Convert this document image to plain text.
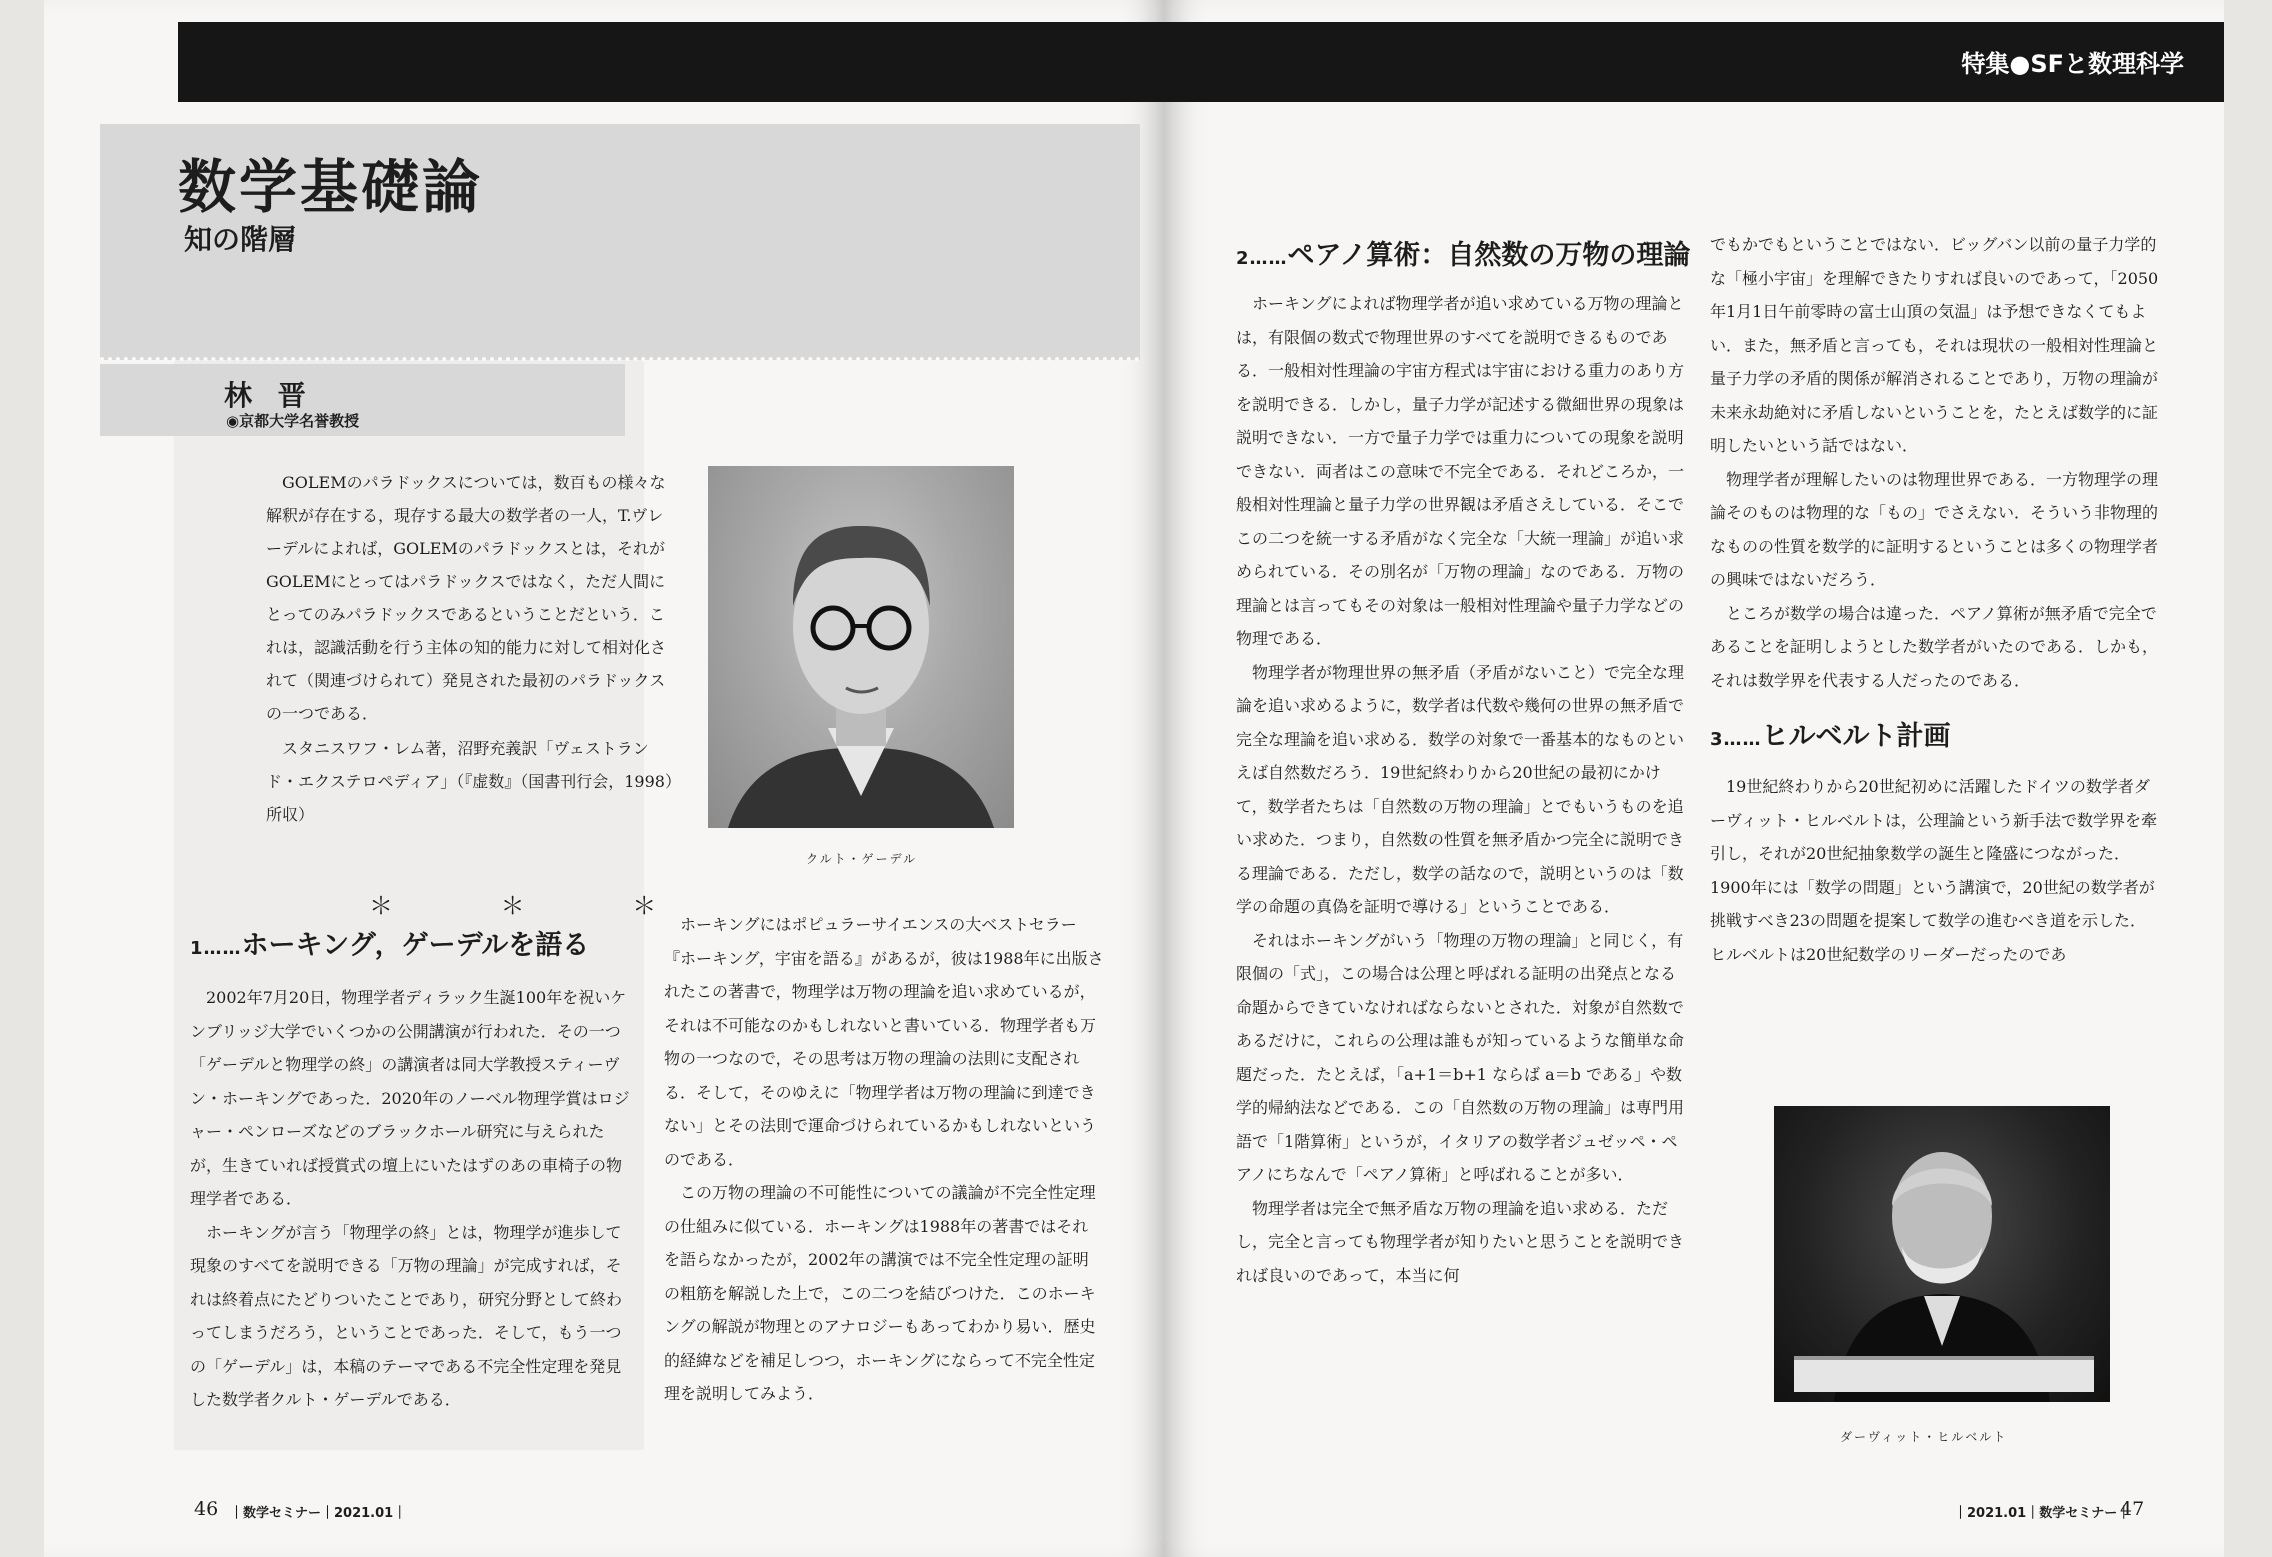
数学基礎論
知の階層
林 晋
◉京都大学名誉教授

GOLEMのパラドックスについては，数百もの様々な解釈が存在する，現存する最大の数学者の一人，T.ヴレーデルによれば，GOLEMのパラドックスとは，それがGOLEMにとってはパラドックスではなく，ただ人間にとってのみパラドックスであるということだという．これは，認識活動を行う主体の知的能力に対して相対化されて（関連づけられて）発見された最初のパラドックスの一つである．

スタニスワフ・レム著，沼野充義訳「ヴェストランド・エクステロペディア」（『虚数』（国書刊行会，1998）所収）

＊ ＊ ＊
クルト・ゲーデル
1……ホーキング，ゲーデルを語る

2002年7月20日，物理学者ディラック生誕100年を祝いケンブリッジ大学でいくつかの公開講演が行われた．その一つ「ゲーデルと物理学の終」の講演者は同大学教授スティーヴン・ホーキングであった．2020年のノーベル物理学賞はロジャー・ペンローズなどのブラックホール研究に与えられたが，生きていれば授賞式の壇上にいたはずのあの車椅子の物理学者である．

ホーキングが言う「物理学の終」とは，物理学が進歩して現象のすべてを説明できる「万物の理論」が完成すれば，それは終着点にたどりついたことであり，研究分野として終わってしまうだろう，ということであった．そして，もう一つの「ゲーデル」は，本稿のテーマである不完全性定理を発見した数学者クルト・ゲーデルである．

ホーキングにはポピュラーサイエンスの大ベストセラー『ホーキング，宇宙を語る』があるが，彼は1988年に出版されたこの著書で，物理学は万物の理論を追い求めているが，それは不可能なのかもしれないと書いている．物理学者も万物の一つなので，その思考は万物の理論の法則に支配される．そして，そのゆえに「物理学者は万物の理論に到達できない」とその法則で運命づけられているかもしれないというのである．

この万物の理論の不可能性についての議論が不完全性定理の仕組みに似ている．ホーキングは1988年の著書ではそれを語らなかったが，2002年の講演では不完全性定理の証明の粗筋を解説した上で，この二つを結びつけた．このホーキングの解説が物理とのアナロジーもあってわかり易い．歴史的経緯などを補足しつつ，ホーキングにならって不完全性定理を説明してみよう．

46 ｜数学セミナー｜2021.01｜
特集●SFと数理科学
2……ペアノ算術：自然数の万物の理論

ホーキングによれば物理学者が追い求めている万物の理論とは，有限個の数式で物理世界のすべてを説明できるものである．一般相対性理論の宇宙方程式は宇宙における重力のあり方を説明できる．しかし，量子力学が記述する微細世界の現象は説明できない．一方で量子力学では重力についての現象を説明できない．両者はこの意味で不完全である．それどころか，一般相対性理論と量子力学の世界観は矛盾さえしている．そこでこの二つを統一する矛盾がなく完全な「大統一理論」が追い求められている．その別名が「万物の理論」なのである．万物の理論とは言ってもその対象は一般相対性理論や量子力学などの物理である．

物理学者が物理世界の無矛盾（矛盾がないこと）で完全な理論を追い求めるように，数学者は代数や幾何の世界の無矛盾で完全な理論を追い求める．数学の対象で一番基本的なものといえば自然数だろう．19世紀終わりから20世紀の最初にかけて，数学者たちは「自然数の万物の理論」とでもいうものを追い求めた．つまり，自然数の性質を無矛盾かつ完全に説明できる理論である．ただし，数学の話なので，説明というのは「数学の命題の真偽を証明で導ける」ということである．

それはホーキングがいう「物理の万物の理論」と同じく，有限個の「式」，この場合は公理と呼ばれる証明の出発点となる命題からできていなければならないとされた．対象が自然数であるだけに，これらの公理は誰もが知っているような簡単な命題だった．たとえば，「a+1＝b+1 ならば a＝b である」や数学的帰納法などである．この「自然数の万物の理論」は専門用語で「1階算術」というが，イタリアの数学者ジュゼッペ・ペアノにちなんで「ペアノ算術」と呼ばれることが多い．

物理学者は完全で無矛盾な万物の理論を追い求める．ただし，完全と言っても物理学者が知りたいと思うことを説明できれば良いのであって，本当に何

でもかでもということではない．ビッグバン以前の量子力学的な「極小宇宙」を理解できたりすれば良いのであって，「2050年1月1日午前零時の富士山頂の気温」は予想できなくてもよい．また，無矛盾と言っても，それは現状の一般相対性理論と量子力学の矛盾的関係が解消されることであり，万物の理論が未来永劫絶対に矛盾しないということを，たとえば数学的に証明したいという話ではない．

物理学者が理解したいのは物理世界である．一方物理学の理論そのものは物理的な「もの」でさえない．そういう非物理的なものの性質を数学的に証明するということは多くの物理学者の興味ではないだろう．

ところが数学の場合は違った．ペアノ算術が無矛盾で完全であることを証明しようとした数学者がいたのである．しかも，それは数学界を代表する人だったのである．

3……ヒルベルト計画

19世紀終わりから20世紀初めに活躍したドイツの数学者ダーヴィット・ヒルベルトは，公理論という新手法で数学界を牽引し，それが20世紀抽象数学の誕生と隆盛につながった．1900年には「数学の問題」という講演で，20世紀の数学者が挑戦すべき23の問題を提案して数学の進むべき道を示した．ヒルベルトは20世紀数学のリーダーだったのであ

ダーヴィット・ヒルベルト
｜2021.01｜数学セミナー｜
47
